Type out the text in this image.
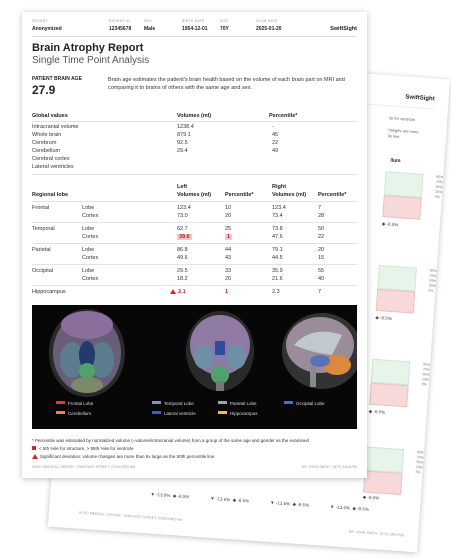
SwiftSight
ile for ventricle
hanges are more
ile line
llum
95%
75%
50%
25%
5%
◆ -8.5%
95%
75%
50%
25%
5%
◆ -8.5%
95%
75%
50%
25%
5%
◆ -8.5%
95%
75%
50%
25%
5%
◆ -8.5%
▼ -13.6%  ◆ -8.5%	▼ -13.6%  ◆ -8.5%	▼ -13.6%  ◆ -8.5%	▼ -13.6%  ◆ -8.5%
HCSC MEDICAL CENTER · 2348 EAST STREET, CONCORD MA
DR. JOHN SMITH · (872) 345-6789
PATIENT
Anonymized
PATIENT ID
12345678
SEX
Male
BIRTH DATE
1954-12-01
AGE
70Y
SCAN DATE
2025-01-20	SwiftSight
Brain Atrophy Report
Single Time Point Analysis
PATIENT BRAIN AGE
27.9
Brain age estimates the patient's brain health based on the volume of each brain part on MRI and comparing it to brains of others with the same age and sex.
Global values	Volumes (ml)	Percentile*
Intracranial volume	1238.4	-
Whole brain	879.1	45
Cerebrum	92.5	22
Cerebellum	29.4	49
Cerebral cortex
Lateral ventricles
Regional lobe
Left
Volumes (ml)	Percentile*
Right
Volumes (ml) Percentile*
Frontal	Lobe	123.4	10	123.4	7
Cortex	73.0	20	73.4	28
Temporal	Lobe	62.7	25	73.8	50
Cortex	39.6	1	47.6	22
Parietal	Lobe	86.8	44	79.1	20
Cortex	49.6	43	44.5	15
Occipital	Lobe	29.5	33	35.9	55
Cortex	18.2	20	21.6	40
Hippocampus	2.1	1	2.3	7
Frontal Lobe	Temporal Lobe	Parietal Lobe	Occipital Lobe
Cerebellum	Lateral ventricle	Hippocampus
* Percentile was estimated by normalized volume (=volume/intracranial volume) from a group of the same age and gender as the examined
< 5th %ile for structure, > 95th %ile for ventricle
Significant deviation: volume changes are more than 5x large as the 50th percentile line
HCSC MEDICAL CENTER · 2348 EAST STREET, CONCORD MA	DR. JOHN SMITH · (872) 345-6789
